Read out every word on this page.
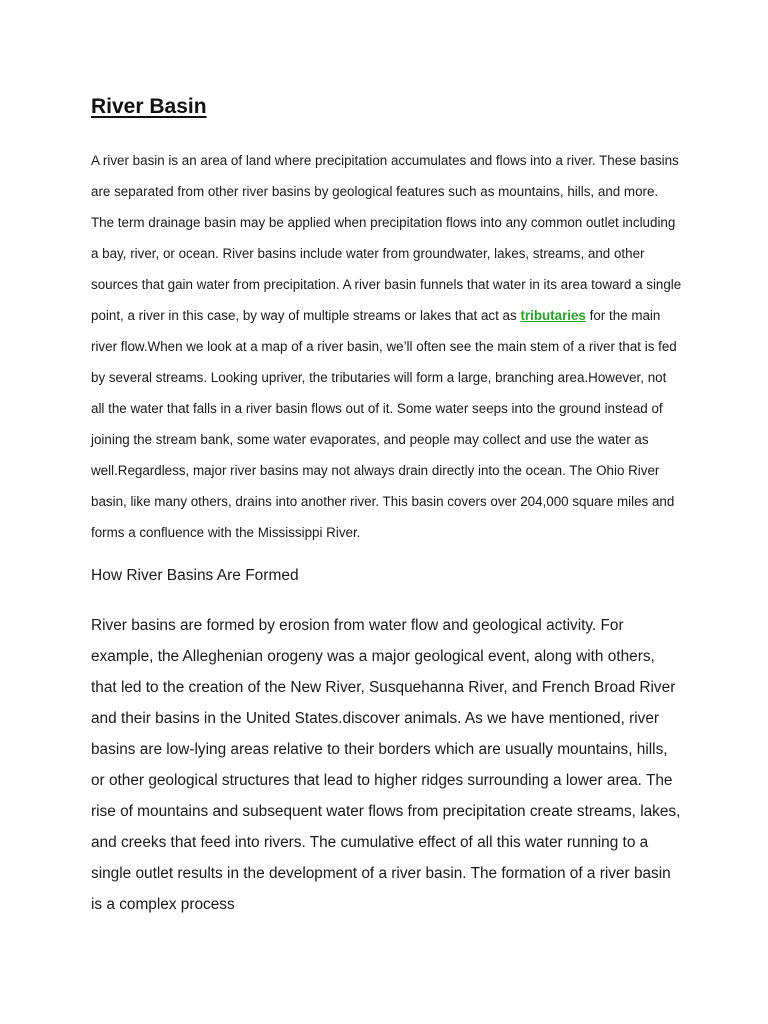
River Basin

A river basin is an area of land where precipitation accumulates and flows into a river. These basins are separated from other river basins by geological features such as mountains, hills, and more. The term drainage basin may be applied when precipitation flows into any common outlet including a bay, river, or ocean. River basins include water from groundwater, lakes, streams, and other sources that gain water from precipitation. A river basin funnels that water in its area toward a single point, a river in this case, by way of multiple streams or lakes that act as tributaries for the main river flow.When we look at a map of a river basin, we’ll often see the main stem of a river that is fed by several streams. Looking upriver, the tributaries will form a large, branching area.However, not all the water that falls in a river basin flows out of it. Some water seeps into the ground instead of joining the stream bank, some water evaporates, and people may collect and use the water as well.Regardless, major river basins may not always drain directly into the ocean. The Ohio River basin, like many others, drains into another river. This basin covers over 204,000 square miles and forms a confluence with the Mississippi River.

How River Basins Are Formed

River basins are formed by erosion from water flow and geological activity. For example, the Alleghenian orogeny was a major geological event, along with others, that led to the creation of the New River, Susquehanna River, and French Broad River and their basins in the United States.discover animals. As we have mentioned, river basins are low-lying areas relative to their borders which are usually mountains, hills, or other geological structures that lead to higher ridges surrounding a lower area. The rise of mountains and subsequent water flows from precipitation create streams, lakes, and creeks that feed into rivers. The cumulative effect of all this water running to a single outlet results in the development of a river basin. The formation of a river basin is a complex process
